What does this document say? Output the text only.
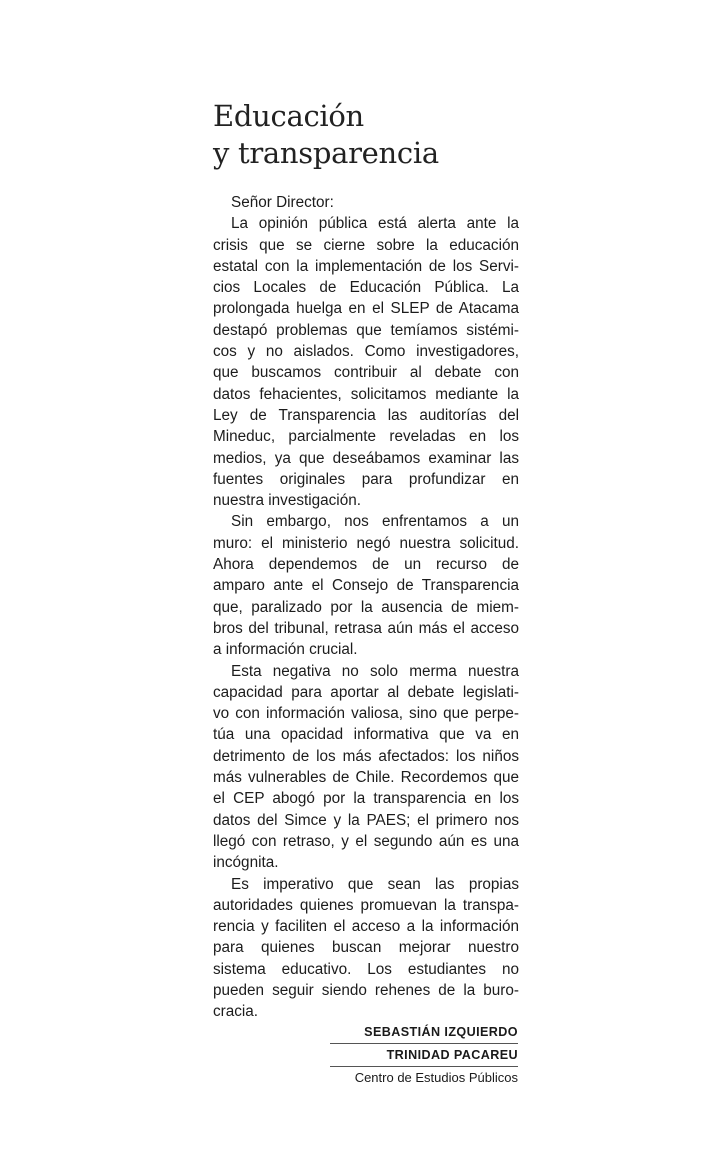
Educación
y transparencia
Señor Director:
La opinión pública está alerta ante la
crisis que se cierne sobre la educación
estatal con la implementación de los Servi-
cios Locales de Educación Pública. La
prolongada huelga en el SLEP de Atacama
destapó problemas que temíamos sistémi-
cos y no aislados. Como investigadores,
que buscamos contribuir al debate con
datos fehacientes, solicitamos mediante la
Ley de Transparencia las auditorías del
Mineduc, parcialmente reveladas en los
medios, ya que deseábamos examinar las
fuentes originales para profundizar en
nuestra investigación.
Sin embargo, nos enfrentamos a un
muro: el ministerio negó nuestra solicitud.
Ahora dependemos de un recurso de
amparo ante el Consejo de Transparencia
que, paralizado por la ausencia de miem-
bros del tribunal, retrasa aún más el acceso
a información crucial.
Esta negativa no solo merma nuestra
capacidad para aportar al debate legislati-
vo con información valiosa, sino que perpe-
túa una opacidad informativa que va en
detrimento de los más afectados: los niños
más vulnerables de Chile. Recordemos que
el CEP abogó por la transparencia en los
datos del Simce y la PAES; el primero nos
llegó con retraso, y el segundo aún es una
incógnita.
Es imperativo que sean las propias
autoridades quienes promuevan la transpa-
rencia y faciliten el acceso a la información
para quienes buscan mejorar nuestro
sistema educativo. Los estudiantes no
pueden seguir siendo rehenes de la buro-
cracia.
SEBASTIÁN IZQUIERDO
TRINIDAD PACAREU
Centro de Estudios Públicos
